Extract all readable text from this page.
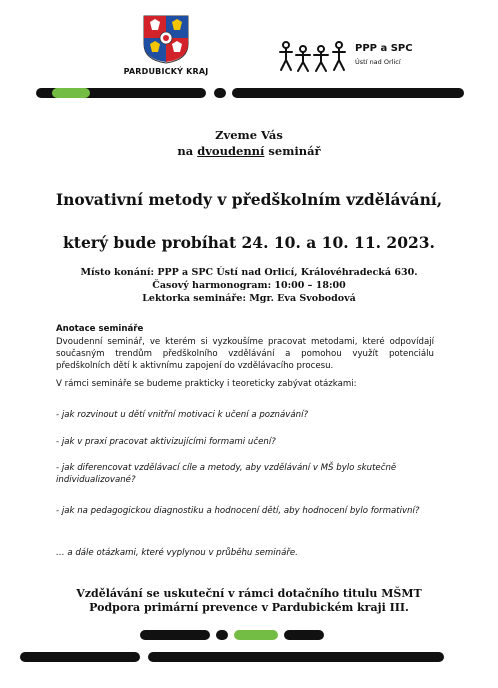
PARDUBICKÝ KRAJ
PPP a SPC
Ústí nad Orlicí
Zveme Vás
na dvoudenní seminář
Inovativní metody v předškolním vzdělávání,
který bude probíhat 24. 10. a 10. 11. 2023.
Místo konání: PPP a SPC Ústí nad Orlicí, Královéhradecká 630.
Časový harmonogram: 10:00 – 18:00
Lektorka semináře: Mgr. Eva Svobodová
Anotace semináře
Dvoudenní seminář, ve kterém si vyzkoušíme pracovat metodami, které odpovídají současným trendům předškolního vzdělávání a pomohou využít potenciálu předškolních dětí k aktivnímu zapojení do vzdělávacího procesu.
V rámci semináře se budeme prakticky i teoreticky zabývat otázkami:
- jak rozvinout u dětí vnitřní motivaci k učení a poznávání?
- jak v praxi pracovat aktivizujícími formami učení?
- jak diferencovat vzdělávací cíle a metody, aby vzdělávání v MŠ bylo skutečně individualizované?
- jak na pedagogickou diagnostiku a hodnocení dětí, aby hodnocení bylo formativní?
… a dále otázkami, které vyplynou v průběhu semináře.
Vzdělávání se uskuteční v rámci dotačního titulu MŠMT
Podpora primární prevence v Pardubickém kraji III.
